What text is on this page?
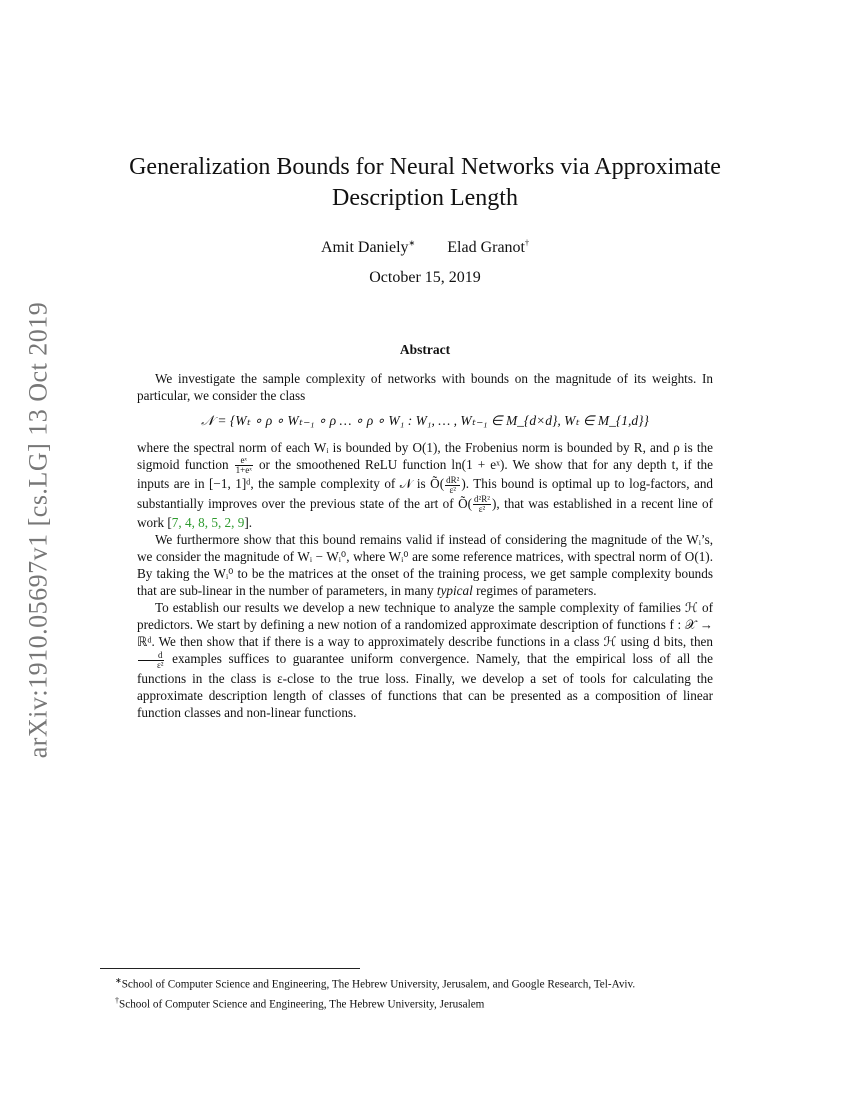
arXiv:1910.05697v1 [cs.LG] 13 Oct 2019
Generalization Bounds for Neural Networks via Approximate
Description Length
Amit Daniely∗ Elad Granot†
October 15, 2019
Abstract

We investigate the sample complexity of networks with bounds on the magnitude of its weights. In particular, we consider the class

𝒩 = {Wₜ ∘ ρ ∘ Wₜ₋₁ ∘ ρ … ∘ ρ ∘ W₁ : W₁, … , Wₜ₋₁ ∈ M_{d×d}, Wₜ ∈ M_{1,d}}

where the spectral norm of each Wᵢ is bounded by O(1), the Frobenius norm is bounded by R, and ρ is the sigmoid function $\frac{\text{eˣ}}{\text{1+eˣ}}$ or the smoothened ReLU function ln(1 + eˣ). We show that for any depth t, if the inputs are in [−1, 1]ᵈ, the sample complexity of 𝒩 is Õ( $\frac{\text{dR²}}{\text{ε²}}$ ). This bound is optimal up to log-factors, and substantially improves over the previous state of the art of Õ( $\frac{\text{d²R²}}{\text{ε²}}$ ), that was established in a recent line of work [7, 4, 8, 5, 2, 9].

We furthermore show that this bound remains valid if instead of considering the magnitude of the Wᵢ’s, we consider the magnitude of Wᵢ − Wᵢ⁰, where Wᵢ⁰ are some reference matrices, with spectral norm of O(1). By taking the Wᵢ⁰ to be the matrices at the onset of the training process, we get sample complexity bounds that are sub-linear in the number of parameters, in many typical regimes of parameters.

To establish our results we develop a new technique to analyze the sample complexity of families ℋ of predictors. We start by defining a new notion of a randomized approximate description of functions f : 𝒳 → ℝᵈ. We then show that if there is a way to approximately describe functions in a class ℋ using d bits, then
$\frac{d}{\text{ε²}}$ examples suffices to guarantee uniform convergence. Namely, that the empirical loss of all the functions in the class is ε-close to the true loss. Finally, we develop a set of tools for calculating the approximate description length of classes of functions that can be presented as a composition of linear function classes and non-linear functions.

∗School of Computer Science and Engineering, The Hebrew University, Jerusalem, and Google Research, Tel-Aviv.
†School of Computer Science and Engineering, The Hebrew University, Jerusalem
